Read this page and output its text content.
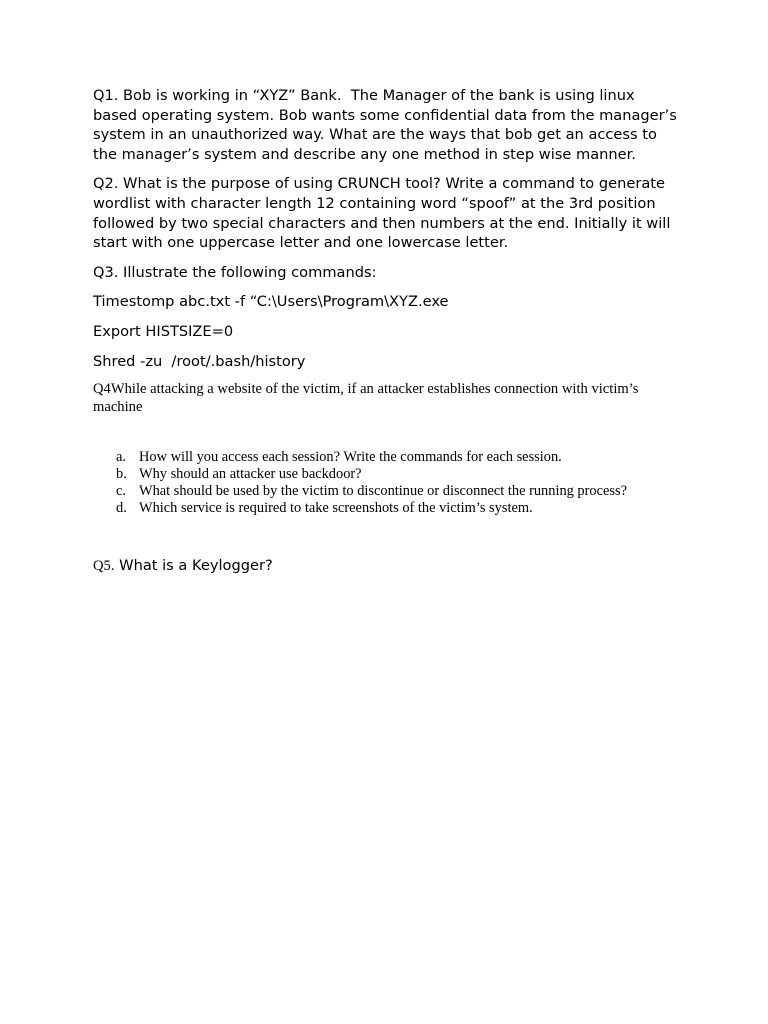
Q1. Bob is working in “XYZ” Bank.  The Manager of the bank is using linux based operating system. Bob wants some confidential data from the manager’s system in an unauthorized way. What are the ways that bob get an access to the manager’s system and describe any one method in step wise manner.

Q2. What is the purpose of using CRUNCH tool? Write a command to generate wordlist with character length 12 containing word “spoof” at the 3rd position followed by two special characters and then numbers at the end. Initially it will start with one uppercase letter and one lowercase letter.

Q3. Illustrate the following commands:

Timestomp abc.txt -f “C:\Users\Program\XYZ.exe

Export HISTSIZE=0

Shred -zu  /root/.bash/history

Q4While attacking a website of the victim, if an attacker establishes connection with victim’s machine

a. How will you access each session? Write the commands for each session.
b. Why should an attacker use backdoor?
c. What should be used by the victim to discontinue or disconnect the running process?
d. Which service is required to take screenshots of the victim’s system.

Q5. What is a Keylogger?
